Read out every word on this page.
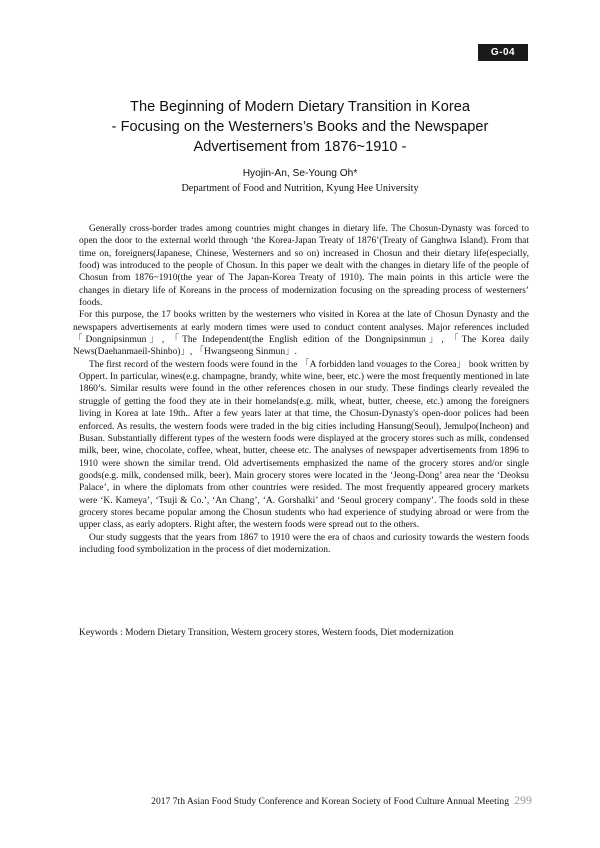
G-04
The Beginning of Modern Dietary Transition in Korea
- Focusing on the Westerners’s Books and the Newspaper
Advertisement from 1876~1910 -
Hyojin-An, Se-Young Oh*
Department of Food and Nutrition, Kyung Hee University

Generally cross-border trades among countries might changes in dietary life. The Chosun-Dynasty was forced to open the door to the external world through ‘the Korea-Japan Treaty of 1876’(Treaty of Ganghwa Island). From that time on, foreigners(Japanese, Chinese, Westerners and so on) increased in Chosun and their dietary life(especially, food) was introduced to the people of Chosun. In this paper we dealt with the changes in dietary life of the people of Chosun from 1876~1910(the year of The Japan-Korea Treaty of 1910). The main points in this article were the changes in dietary life of Koreans in the process of modernization focusing on the spreading process of westerners’ foods.

For this purpose, the 17 books written by the westerners who visited in Korea at the late of Chosun Dynasty and the newspapers advertisements at early modern times were used to conduct content analyses. Major references included 「Dongnipsinmun」, 「The Independent(the English edition of the Dongnipsinmun」, 「The Korea daily News(Daehanmaeil-Shinbo)」, 「Hwangseong Sinmun」.

The first record of the western foods were found in the 「A forbidden land vouages to the Corea」 book written by Oppert. In particular, wines(e.g. champagne, brandy, white wine, beer, etc.) were the most frequently mentioned in late 1860’s. Similar results were found in the other references chosen in our study. These findings clearly revealed the struggle of getting the food they ate in their homelands(e.g. milk, wheat, butter, cheese, etc.) among the foreigners living in Korea at late 19th.. After a few years later at that time, the Chosun-Dynasty's open-door polices had been enforced. As results, the western foods were traded in the big cities including Hansung(Seoul), Jemulpo(Incheon) and Busan. Substantially different types of the western foods were displayed at the grocery stores such as milk, condensed milk, beer, wine, chocolate, coffee, wheat, butter, cheese etc. The analyses of newspaper advertisements from 1896 to 1910 were shown the similar trend. Old advertisements emphasized the name of the grocery stores and/or single goods(e.g. milk, condensed milk, beer). Main grocery stores were located in the ‘Jeong-Dong’ area near the ‘Deoksu Palace’, in where the diplomats from other countries were resided. The most frequently appeared grocery markets were ‘K. Kameya’, ‘Tsuji & Co.’, ‘An Chang’, ‘A. Gorshalki’ and ‘Seoul grocery company’. The foods sold in these grocery stores became popular among the Chosun students who had experience of studying abroad or were from the upper class, as early adopters. Right after, the western foods were spread out to the others.

Our study suggests that the years from 1867 to 1910 were the era of chaos and curiosity towards the western foods including food symbolization in the process of diet modernization.

Keywords : Modern Dietary Transition, Western grocery stores, Western foods, Diet modernization
2017 7th Asian Food Study Conference and Korean Society of Food Culture Annual Meeting 299
